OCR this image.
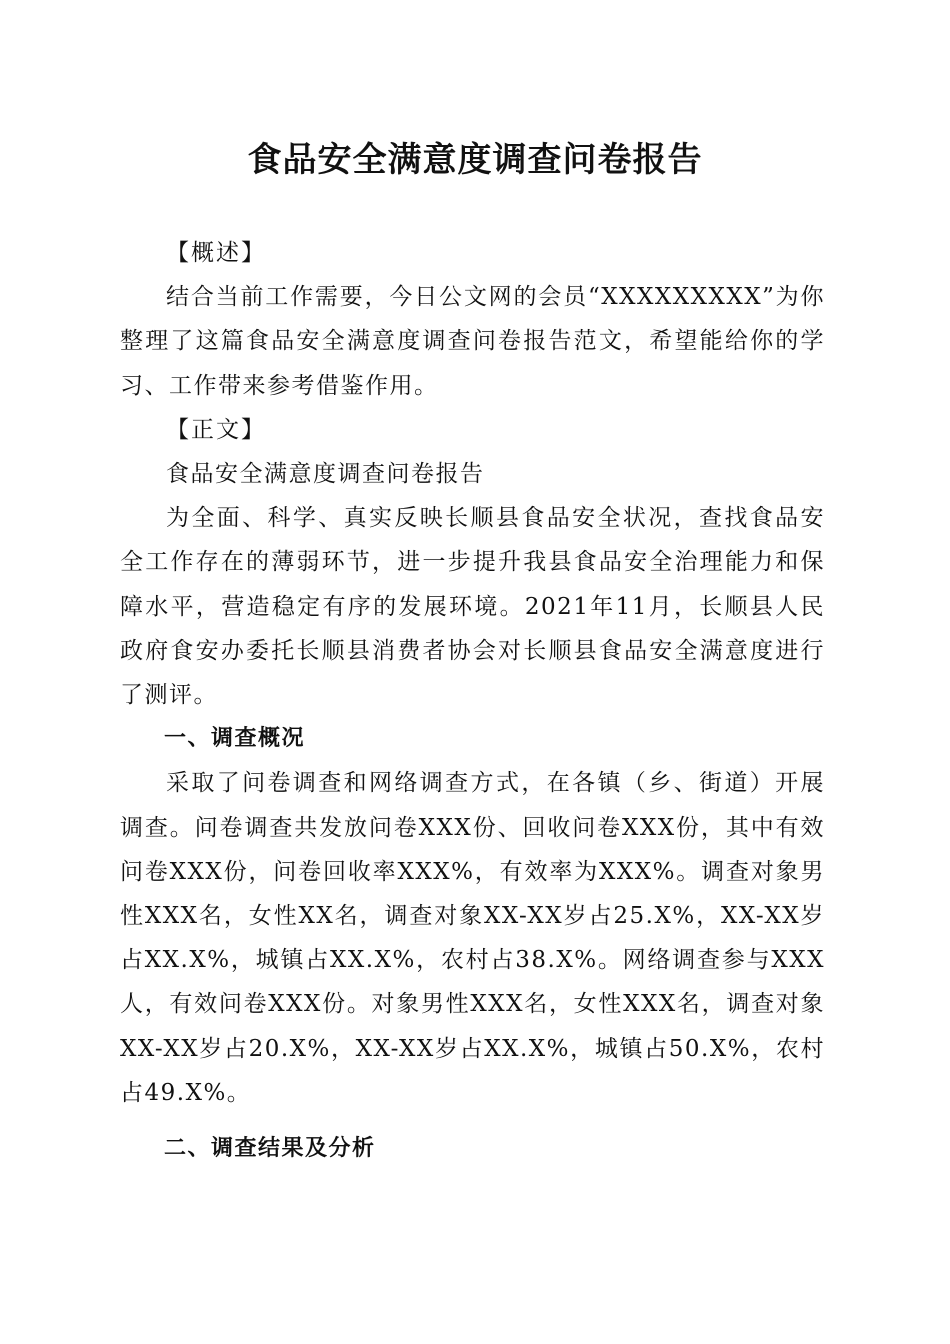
食品安全满意度调查问卷报告

【概述】

结合当前工作需要，今日公文网的会员“XXXXXXXXX”为你整理了这篇食品安全满意度调查问卷报告范文，希望能给你的学习、工作带来参考借鉴作用。

【正文】

食品安全满意度调查问卷报告

为全面、科学、真实反映长顺县食品安全状况，查找食品安全工作存在的薄弱环节，进一步提升我县食品安全治理能力和保障水平，营造稳定有序的发展环境。2021年11月，长顺县人民政府食安办委托长顺县消费者协会对长顺县食品安全满意度进行了测评。

一、调查概况

采取了问卷调查和网络调查方式，在各镇（乡、街道）开展调查。问卷调查共发放问卷XXX份、回收问卷XXX份，其中有效问卷XXX份，问卷回收率XXX%，有效率为XXX%。调查对象男性XXX名，女性XX名，调查对象XX-XX岁占25.X%，XX-XX岁占XX.X%，城镇占XX.X%，农村占38.X%。网络调查参与XXX人，有效问卷XXX份。对象男性XXX名，女性XXX名，调查对象XX-XX岁占20.X%，XX-XX岁占XX.X%，城镇占50.X%，农村占49.X%。

二、调查结果及分析
